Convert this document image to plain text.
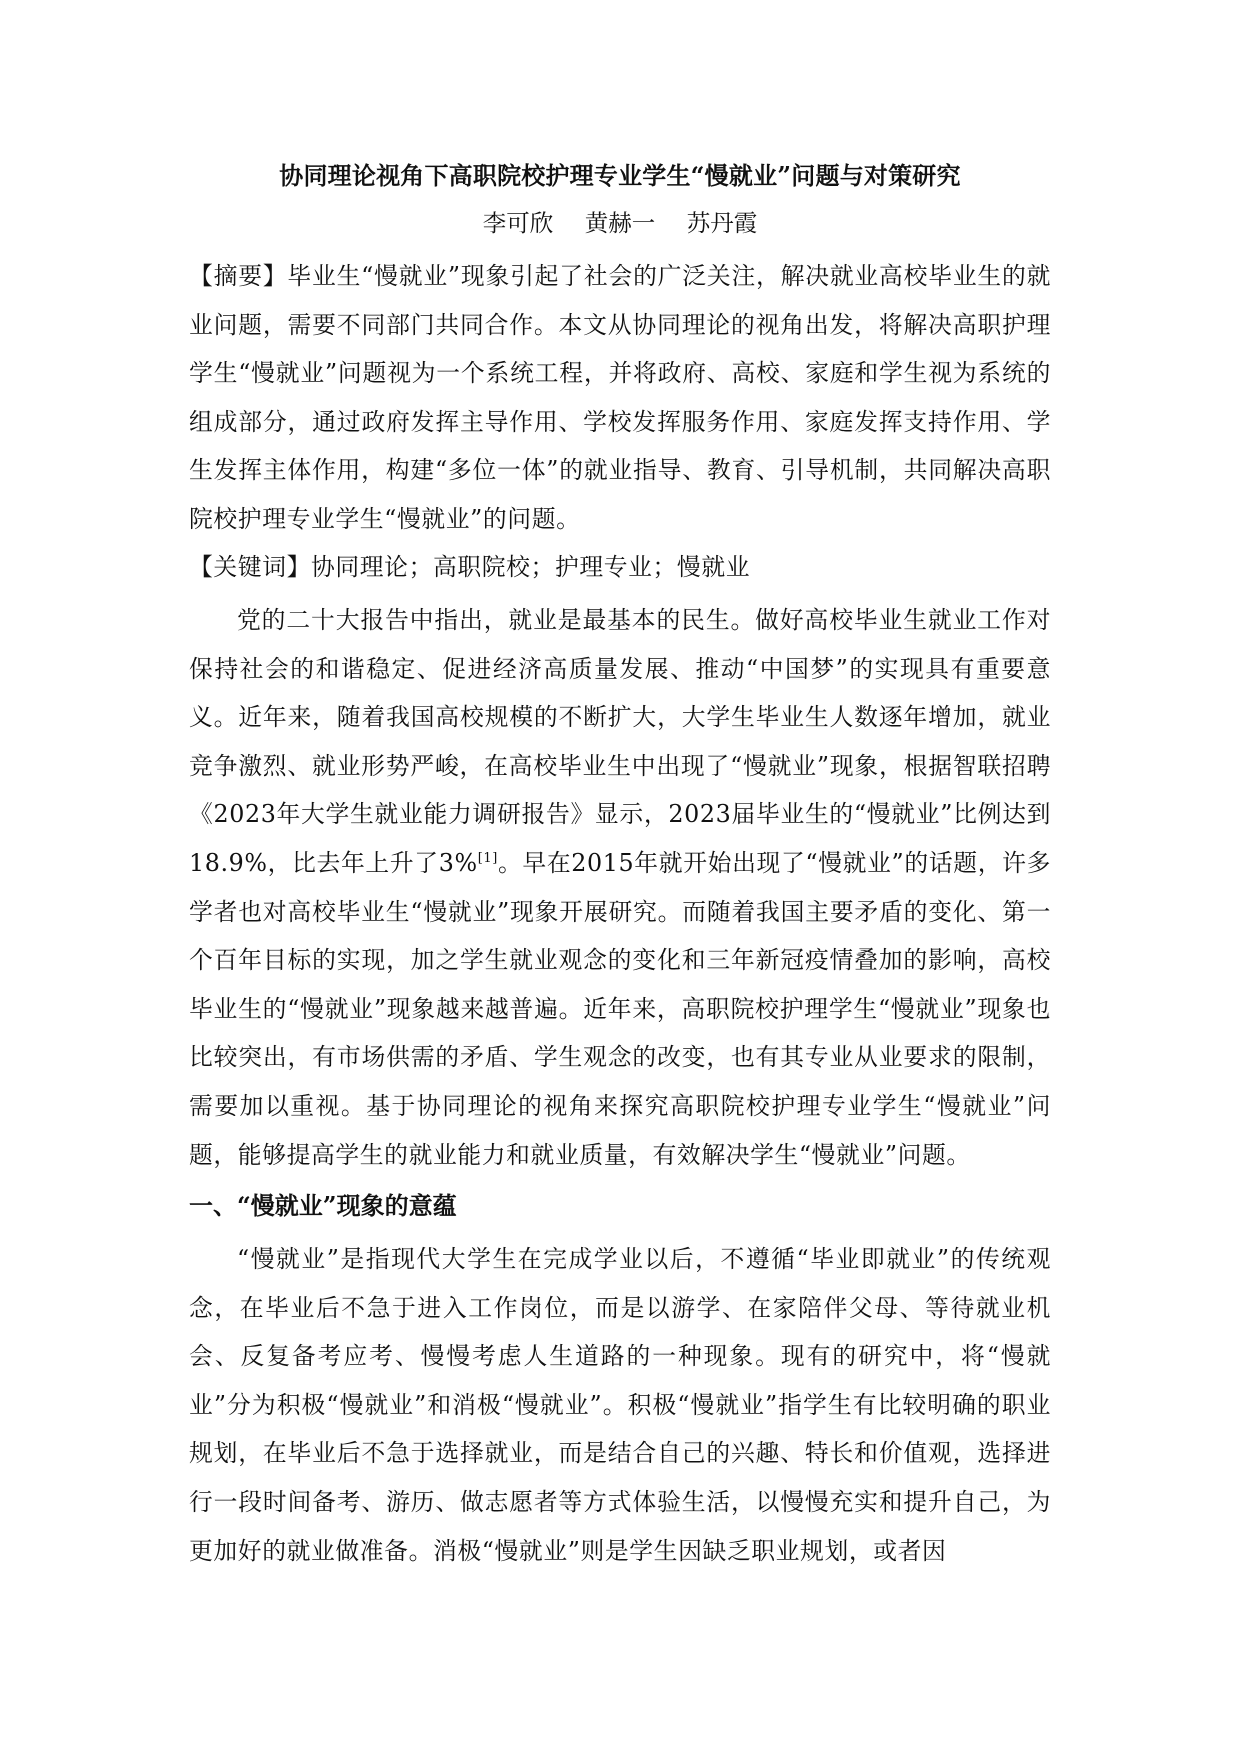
协同理论视角下高职院校护理专业学生“慢就业”问题与对策研究
李可欣 黄赫一 苏丹霞

【摘要】毕业生“慢就业”现象引起了社会的广泛关注，解决就业高校毕业生的就业问题，需要不同部门共同合作。本文从协同理论的视角出发，将解决高职护理学生“慢就业”问题视为一个系统工程，并将政府、高校、家庭和学生视为系统的组成部分，通过政府发挥主导作用、学校发挥服务作用、家庭发挥支持作用、学生发挥主体作用，构建“多位一体”的就业指导、教育、引导机制，共同解决高职院校护理专业学生“慢就业”的问题。

【关键词】协同理论；高职院校；护理专业；慢就业

党的二十大报告中指出，就业是最基本的民生。做好高校毕业生就业工作对保持社会的和谐稳定、促进经济高质量发展、推动“中国梦”的实现具有重要意义。近年来，随着我国高校规模的不断扩大，大学生毕业生人数逐年增加，就业竞争激烈、就业形势严峻，在高校毕业生中出现了“慢就业”现象，根据智联招聘《2023年大学生就业能力调研报告》显示，2023届毕业生的“慢就业”比例达到18.9%，比去年上升了3%[1]。早在2015年就开始出现了“慢就业”的话题，许多学者也对高校毕业生“慢就业”现象开展研究。而随着我国主要矛盾的变化、第一个百年目标的实现，加之学生就业观念的变化和三年新冠疫情叠加的影响，高校毕业生的“慢就业”现象越来越普遍。近年来，高职院校护理学生“慢就业”现象也比较突出，有市场供需的矛盾、学生观念的改变，也有其专业从业要求的限制，需要加以重视。基于协同理论的视角来探究高职院校护理专业学生“慢就业”问题，能够提高学生的就业能力和就业质量，有效解决学生“慢就业”问题。

一、“慢就业”现象的意蕴

“慢就业”是指现代大学生在完成学业以后，不遵循“毕业即就业”的传统观念，在毕业后不急于进入工作岗位，而是以游学、在家陪伴父母、等待就业机会、反复备考应考、慢慢考虑人生道路的一种现象。现有的研究中，将“慢就业”分为积极“慢就业”和消极“慢就业”。积极“慢就业”指学生有比较明确的职业规划，在毕业后不急于选择就业，而是结合自己的兴趣、特长和价值观，选择进行一段时间备考、游历、做志愿者等方式体验生活，以慢慢充实和提升自己，为更加好的就业做准备。消极“慢就业”则是学生因缺乏职业规划，或者因
